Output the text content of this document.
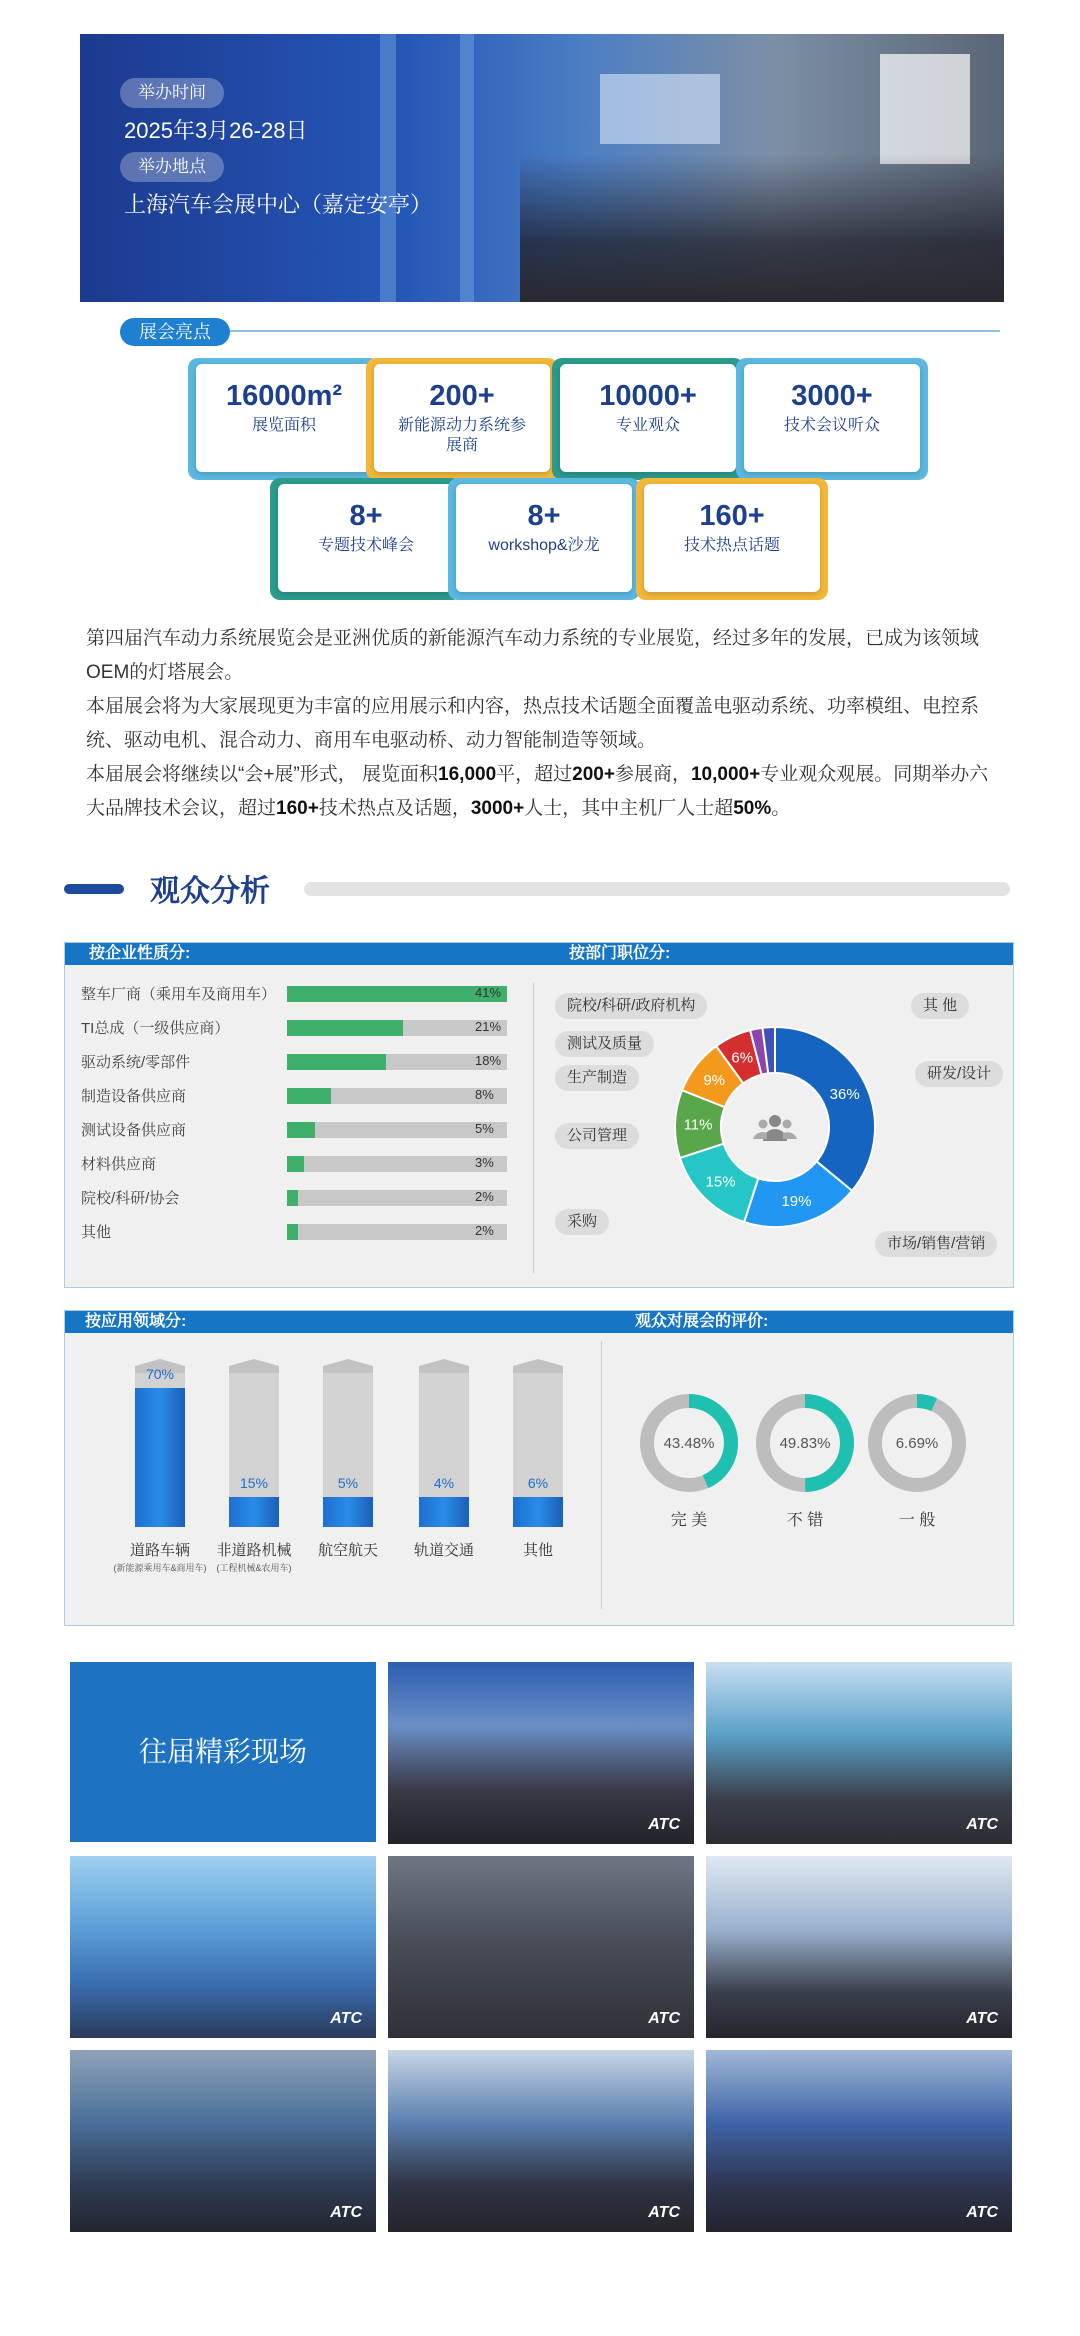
举办时间
2025年3月26-28日
举办地点
上海汽车会展中心（嘉定安亭）
展会亮点
16000m²
展览面积
200+
新能源动力系统参展商
10000+
专业观众
3000+
技术会议听众
8+
专题技术峰会
8+
workshop&沙龙
160+
技术热点话题

第四届汽车动力系统展览会是亚洲优质的新能源汽车动力系统的专业展览，经过多年的发展，已成为该领域OEM的灯塔展会。

本届展会将为大家展现更为丰富的应用展示和内容，热点技术话题全面覆盖电驱动系统、功率模组、电控系统、驱动电机、混合动力、商用车电驱动桥、动力智能制造等领域。

本届展会将继续以“会+展”形式， 展览面积16,000平，超过200+参展商，10,000+专业观众观展。同期举办六大品牌技术会议，超过160+技术热点及话题，3000+人士，其中主机厂人士超50%。

观众分析
按企业性质分:	按部门职位分:
整车厂商（乘用车及商用车）	41%
TI总成（一级供应商）	21%
驱动系统/零部件	18%
制造设备供应商	8%
测试设备供应商	5%
材料供应商	3%
院校/科研/协会	2%
其他	2%
36%
19%
15%
11%
9%
6%
研发/设计
市场/销售/营销
采购
公司管理
生产制造
测试及质量
院校/科研/政府机构	其 他
按应用领域分:	观众对展会的评价:
70%
道路车辆
(新能源乘用车&商用车)
15%
非道路机械
(工程机械&农用车)
5%
航空航天
4%
轨道交通
6%
其他
43.48%
完 美
49.83%
不 错
6.69%
一 般
往届精彩现场
ATC	ATC
ATC	ATC	ATC
ATC	ATC	ATC
